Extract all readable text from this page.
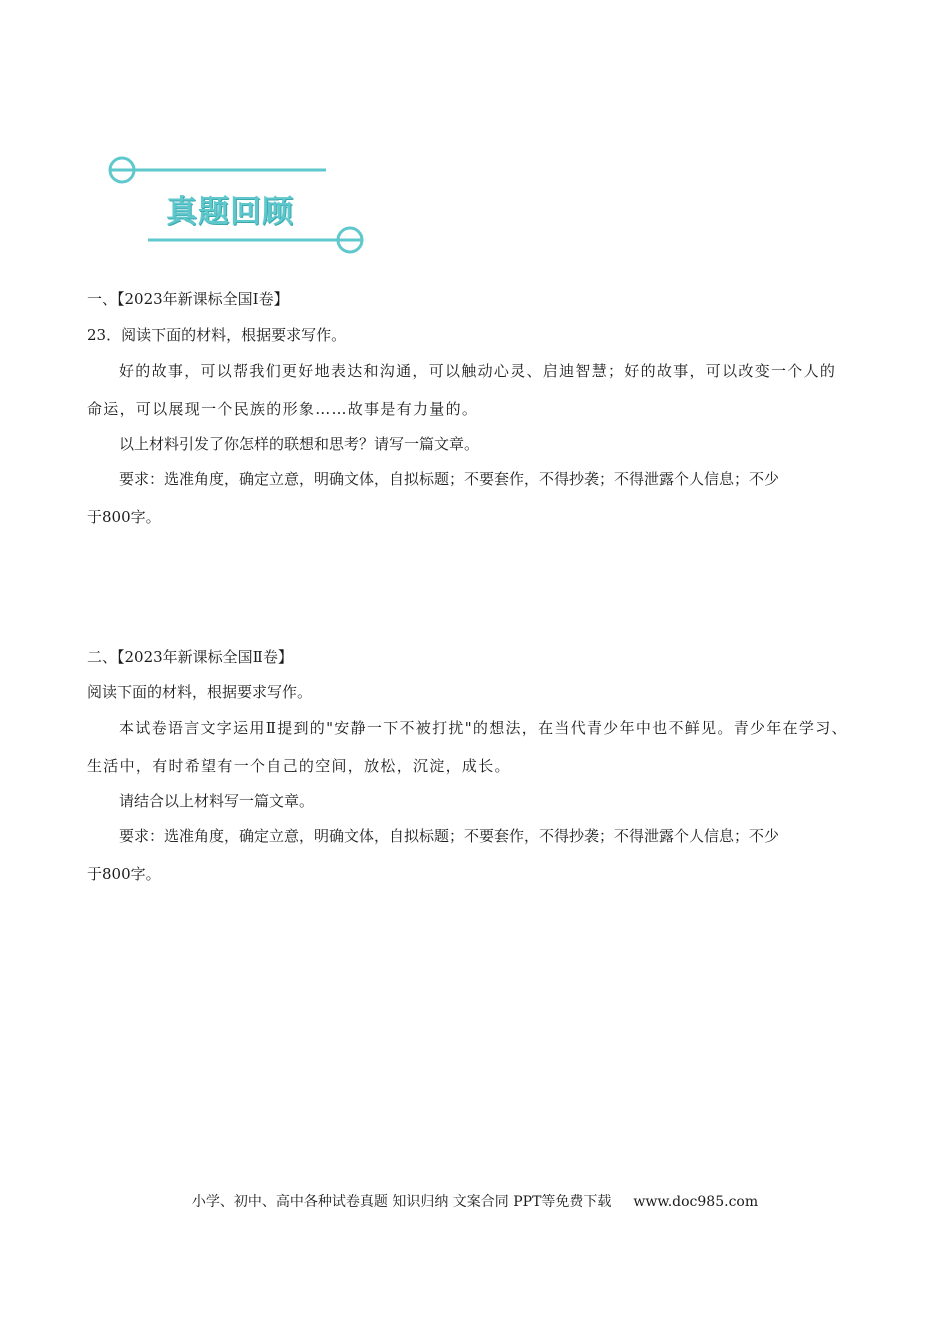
真题回顾
一、【2023年新课标全国Ⅰ卷】
23．阅读下面的材料，根据要求写作。
好的故事，可以帮我们更好地表达和沟通，可以触动心灵、启迪智慧；好的故事，可以改变一个人的
命运，可以展现一个民族的形象……故事是有力量的。
以上材料引发了你怎样的联想和思考？请写一篇文章。
要求：选准角度，确定立意，明确文体，自拟标题；不要套作，不得抄袭；不得泄露个人信息；不少
于800字。
二、【2023年新课标全国Ⅱ卷】
阅读下面的材料，根据要求写作。
本试卷语言文字运用Ⅱ提到的"安静一下不被打扰"的想法，在当代青少年中也不鲜见。青少年在学习、
生活中，有时希望有一个自己的空间，放松，沉淀，成长。
请结合以上材料写一篇文章。
要求：选准角度，确定立意，明确文体，自拟标题；不要套作，不得抄袭；不得泄露个人信息；不少
于800字。
小学、初中、高中各种试卷真题 知识归纳 文案合同 PPT等免费下载 www.doc985.com
